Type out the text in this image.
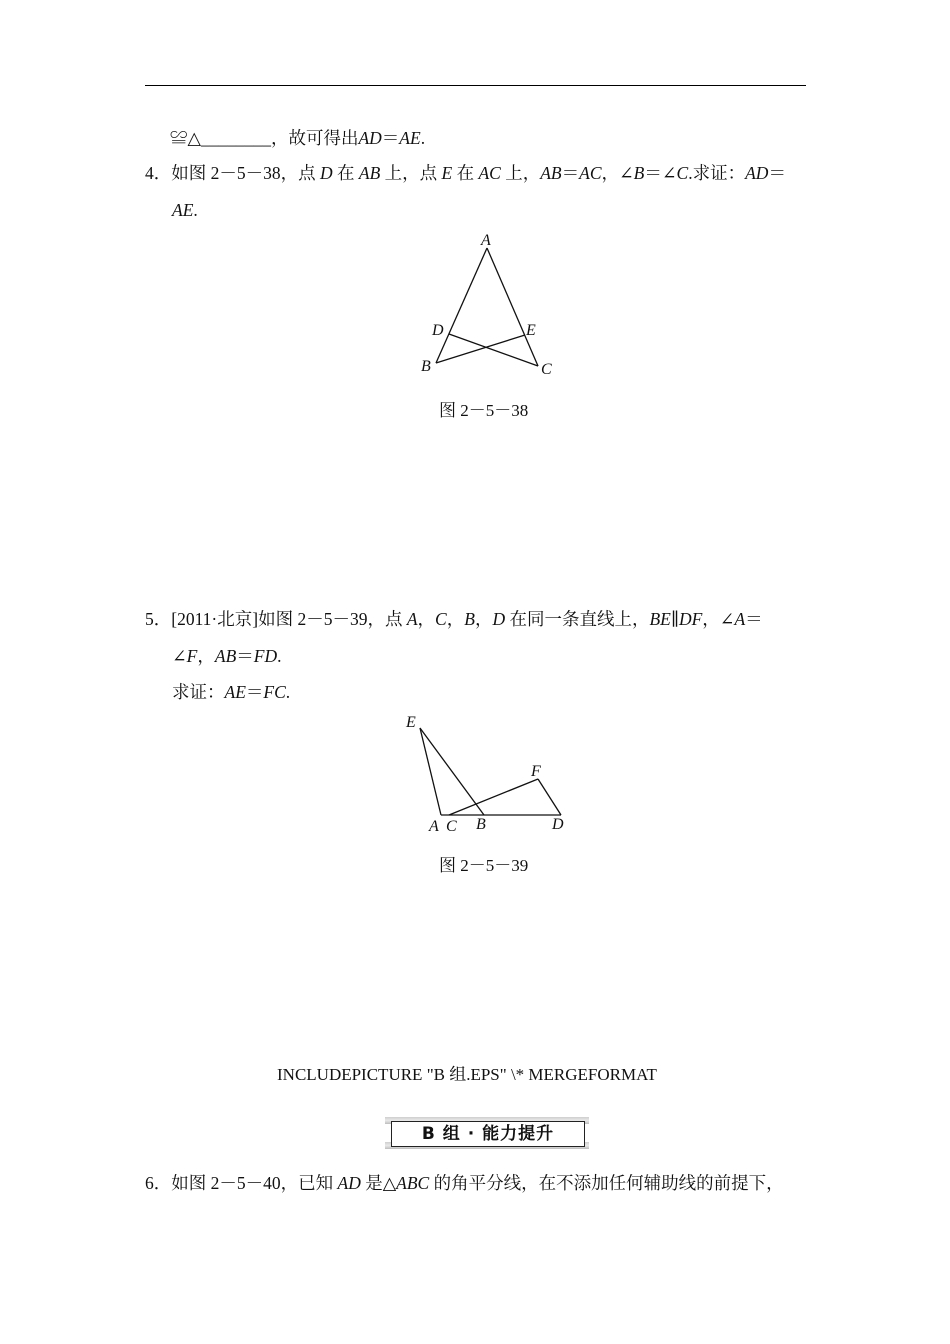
≌△________，故可得出AD＝AE.
4．如图 2－5－38，点 D 在 AB 上，点 E 在 AC 上，AB＝AC，∠B＝∠C.求证：AD＝
AE.
A
D	E
B	C
图 2－5－38
5．[2011·北京]如图 2－5－39，点 A，C，B，D 在同一条直线上，BE∥DF，∠A＝
∠F，AB＝FD.
求证：AE＝FC.
E
F
A C B	D
图 2－5－39
INCLUDEPICTURE "B 组.EPS" \* MERGEFORMAT
B 组 · 能力提升
6．如图 2－5－40，已知 AD 是△ABC 的角平分线，在不添加任何辅助线的前提下，
